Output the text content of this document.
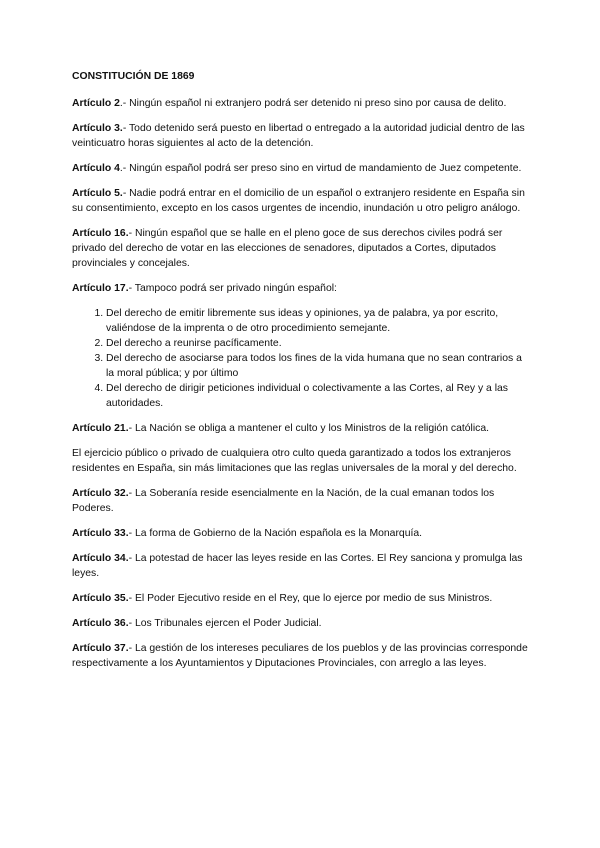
CONSTITUCIÓN DE 1869

Artículo 2.- Ningún español ni extranjero podrá ser detenido ni preso sino por causa de delito.

Artículo 3.- Todo detenido será puesto en libertad o entregado a la autoridad judicial dentro de las veinticuatro horas siguientes al acto de la detención.

Artículo 4.- Ningún español podrá ser preso sino en virtud de mandamiento de Juez competente.

Artículo 5.- Nadie podrá entrar en el domicilio de un español o extranjero residente en España sin su consentimiento, excepto en los casos urgentes de incendio, inundación u otro peligro análogo.

Artículo 16.- Ningún español que se halle en el pleno goce de sus derechos civiles podrá ser privado del derecho de votar en las elecciones de senadores, diputados a Cortes, diputados provinciales y concejales.

Artículo 17.- Tampoco podrá ser privado ningún español:

1. Del derecho de emitir libremente sus ideas y opiniones, ya de palabra, ya por escrito, valiéndose de la imprenta o de otro procedimiento semejante.
2. Del derecho a reunirse pacíficamente.
3. Del derecho de asociarse para todos los fines de la vida humana que no sean contrarios a la moral pública; y por último
4. Del derecho de dirigir peticiones individual o colectivamente a las Cortes, al Rey y a las autoridades.

Artículo 21.- La Nación se obliga a mantener el culto y los Ministros de la religión católica.

El ejercicio público o privado de cualquiera otro culto queda garantizado a todos los extranjeros residentes en España, sin más limitaciones que las reglas universales de la moral y del derecho.

Artículo 32.- La Soberanía reside esencialmente en la Nación, de la cual emanan todos los Poderes.

Artículo 33.- La forma de Gobierno de la Nación española es la Monarquía.

Artículo 34.- La potestad de hacer las leyes reside en las Cortes. El Rey sanciona y promulga las leyes.

Artículo 35.- El Poder Ejecutivo reside en el Rey, que lo ejerce por medio de sus Ministros.

Artículo 36.- Los Tribunales ejercen el Poder Judicial.

Artículo 37.- La gestión de los intereses peculiares de los pueblos y de las provincias corresponde respectivamente a los Ayuntamientos y Diputaciones Provinciales, con arreglo a las leyes.
